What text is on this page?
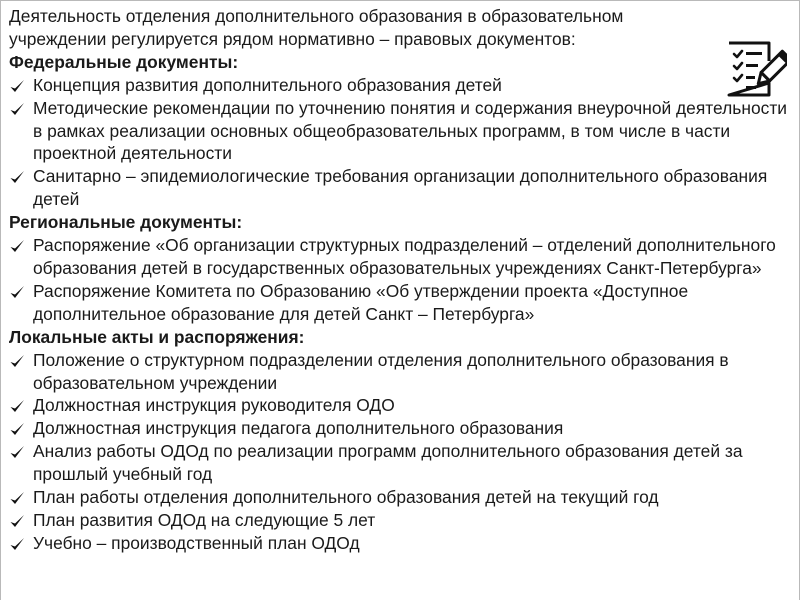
Деятельность отделения дополнительного образования в образовательном учреждении регулируется рядом нормативно – правовых документов:

Федеральные документы:

Концепция развития дополнительного образования детей
Методические рекомендации по уточнению понятия и содержания внеурочной деятельности в рамках реализации основных общеобразовательных программ, в том числе в части проектной деятельности
Санитарно – эпидемиологические требования организации дополнительного образования детей

Региональные документы:

Распоряжение «Об организации структурных подразделений – отделений дополнительного образования детей в государственных образовательных учреждениях Санкт-Петербурга»
Распоряжение Комитета по Образованию «Об утверждении проекта «Доступное дополнительное образование для детей Санкт – Петербурга»

Локальные акты и распоряжения:

Положение о структурном подразделении отделения дополнительного образования в образовательном учреждении
Должностная инструкция руководителя ОДО
Должностная инструкция педагога дополнительного образования
Анализ работы ОДОд по реализации программ дополнительного образования детей за прошлый учебный год
План работы отделения дополнительного образования детей на текущий год
План развития ОДОд на следующие 5 лет
Учебно – производственный план ОДОд
